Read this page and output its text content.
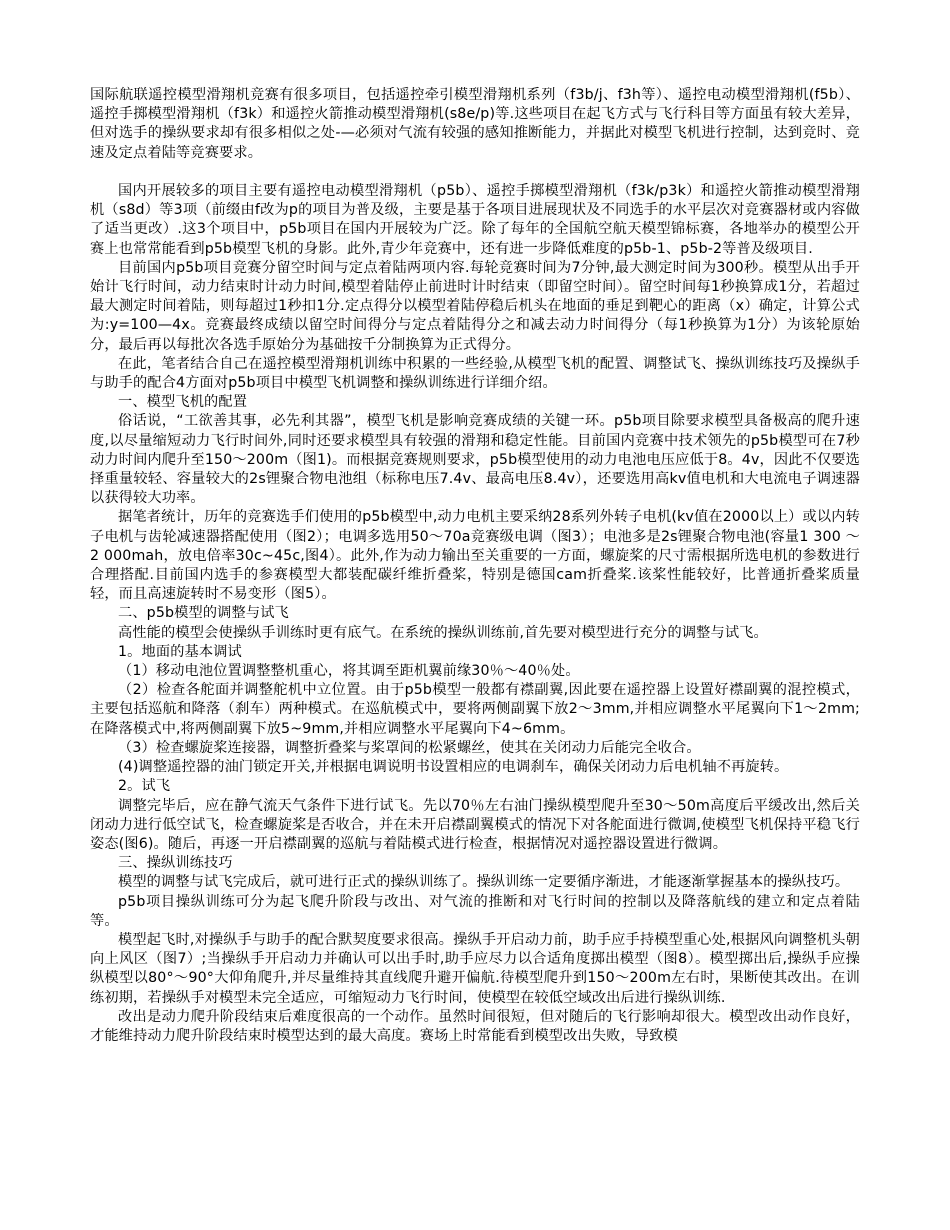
国际航联遥控模型滑翔机竞赛有很多项目，包括遥控牵引模型滑翔机系列（f3b/j、f3h等）、遥控电动模型滑翔机(f5b）、遥控手掷模型滑翔机（f3k）和遥控火箭推动模型滑翔机(s8e/p)等.这些项目在起飞方式与飞行科目等方面虽有较大差异，但对选手的操纵要求却有很多相似之处-—必须对气流有较强的感知推断能力，并据此对模型飞机进行控制，达到竞时、竞速及定点着陆等竞赛要求。

国内开展较多的项目主要有遥控电动模型滑翔机（p5b）、遥控手掷模型滑翔机（f3k/p3k）和遥控火箭推动模型滑翔机（s8d）等3项（前缀由f改为p的项目为普及级，主要是基于各项目进展现状及不同选手的水平层次对竞赛器材或内容做了适当更改）.这3个项目中，p5b项目在国内开展较为广泛。除了每年的全国航空航天模型锦标赛，各地举办的模型公开赛上也常常能看到p5b模型飞机的身影。此外,青少年竞赛中，还有进一步降低难度的p5b-1、p5b-2等普及级项目.

目前国内p5b项目竞赛分留空时间与定点着陆两项内容.每轮竞赛时间为7分钟,最大测定时间为300秒。模型从出手开始计飞行时间，动力结束时计动力时间,模型着陆停止前进时计时结束（即留空时间）。留空时间每1秒换算成1分，若超过最大测定时间着陆，则每超过1秒扣1分.定点得分以模型着陆停稳后机头在地面的垂足到靶心的距离（x）确定，计算公式为:y=100—4x。竞赛最终成绩以留空时间得分与定点着陆得分之和减去动力时间得分（每1秒换算为1分）为该轮原始分，最后再以每批次各选手原始分为基础按千分制换算为正式得分。

在此，笔者结合自己在遥控模型滑翔机训练中积累的一些经验,从模型飞机的配置、调整试飞、操纵训练技巧及操纵手与助手的配合4方面对p5b项目中模型飞机调整和操纵训练进行详细介绍。

一、模型飞机的配置

俗话说，“工欲善其事，必先利其器”，模型飞机是影响竞赛成绩的关键一环。p5b项目除要求模型具备极高的爬升速度,以尽量缩短动力飞行时间外,同时还要求模型具有较强的滑翔和稳定性能。目前国内竞赛中技术领先的p5b模型可在7秒动力时间内爬升至150～200m（图1)。而根据竞赛规则要求，p5b模型使用的动力电池电压应低于8。4v，因此不仅要选择重量较轻、容量较大的2s锂聚合物电池组（标称电压7.4v、最高电压8.4v），还要选用高kv值电机和大电流电子调速器以获得较大功率。

据笔者统计，历年的竞赛选手们使用的p5b模型中,动力电机主要采纳28系列外转子电机(kv值在2000以上）或以内转子电机与齿轮减速器搭配使用（图2）；电调多选用50～70a竞赛级电调（图3）；电池多是2s锂聚合物电池(容量1 300 ～2 000mah，放电倍率30c~45c,图4）。此外,作为动力输出至关重要的一方面，螺旋桨的尺寸需根据所选电机的参数进行合理搭配.目前国内选手的参赛模型大都装配碳纤维折叠桨，特别是德国cam折叠桨.该桨性能较好，比普通折叠桨质量轻，而且高速旋转时不易变形（图5）。

二、p5b模型的调整与试飞

高性能的模型会使操纵手训练时更有底气。在系统的操纵训练前,首先要对模型进行充分的调整与试飞。

1。地面的基本调试

（1）移动电池位置调整整机重心，将其调至距机翼前缘30％～40％处。

（2）检查各舵面并调整舵机中立位置。由于p5b模型一般都有襟副翼,因此要在遥控器上设置好襟副翼的混控模式，主要包括巡航和降落（刹车）两种模式。在巡航模式中，要将两侧副翼下放2～3mm,并相应调整水平尾翼向下1～2mm;在降落模式中,将两侧副翼下放5~9mm,并相应调整水平尾翼向下4~6mm。

（3）检查螺旋桨连接器，调整折叠桨与桨罩间的松紧螺丝，使其在关闭动力后能完全收合。

(4)调整遥控器的油门锁定开关,并根据电调说明书设置相应的电调刹车，确保关闭动力后电机轴不再旋转。

2。试飞

调整完毕后，应在静气流天气条件下进行试飞。先以70％左右油门操纵模型爬升至30～50m高度后平缓改出,然后关闭动力进行低空试飞，检查螺旋桨是否收合，并在未开启襟副翼模式的情况下对各舵面进行微调,使模型飞机保持平稳飞行姿态(图6)。随后，再逐一开启襟副翼的巡航与着陆模式进行检查，根据情况对遥控器设置进行微调。

三、操纵训练技巧

模型的调整与试飞完成后，就可进行正式的操纵训练了。操纵训练一定要循序渐进，才能逐渐掌握基本的操纵技巧。

p5b项目操纵训练可分为起飞爬升阶段与改出、对气流的推断和对飞行时间的控制以及降落航线的建立和定点着陆等。

模型起飞时,对操纵手与助手的配合默契度要求很高。操纵手开启动力前，助手应手持模型重心处,根据风向调整机头朝向上风区（图7）;当操纵手开启动力并确认可以出手时,助手应尽力以合适角度掷出模型（图8）。模型掷出后,操纵手应操纵模型以80°～90°大仰角爬升,并尽量维持其直线爬升避开偏航.待模型爬升到150～200m左右时，果断使其改出。在训练初期，若操纵手对模型未完全适应，可缩短动力飞行时间，使模型在较低空域改出后进行操纵训练.

改出是动力爬升阶段结束后难度很高的一个动作。虽然时间很短，但对随后的飞行影响却很大。模型改出动作良好，才能维持动力爬升阶段结束时模型达到的最大高度。赛场上时常能看到模型改出失败，导致模
